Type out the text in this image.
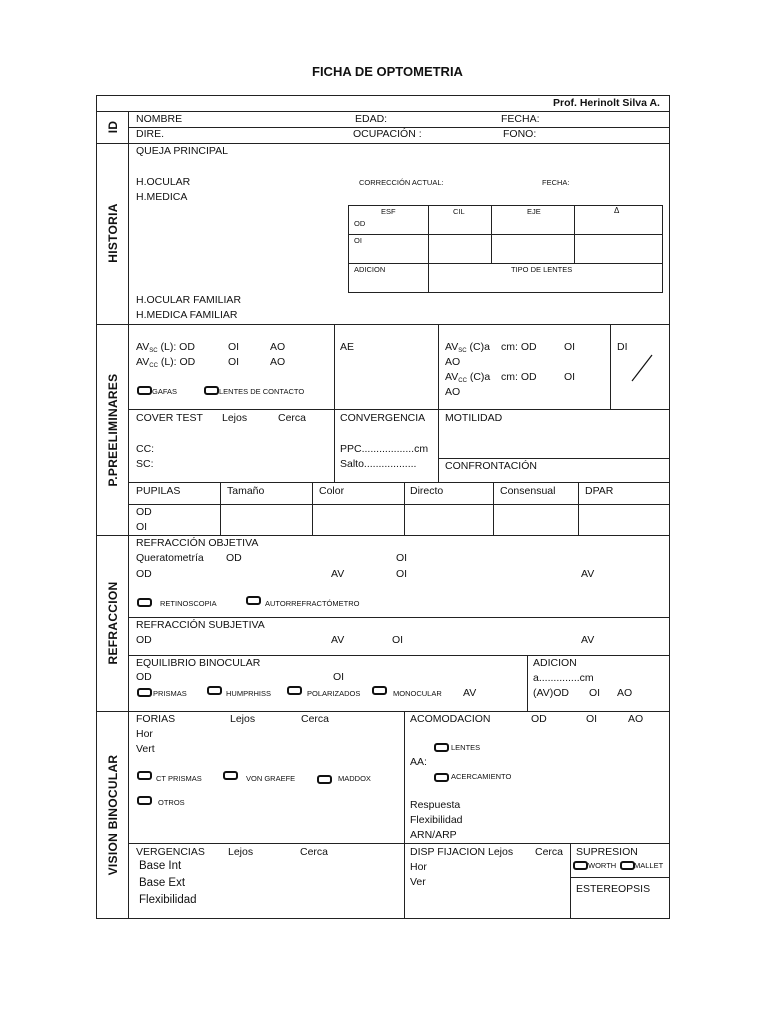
FICHA DE OPTOMETRIA
Prof. Herinolt Silva A.
ID
HISTORIA
P.PREELIMINARES
REFRACCION
VISION BINOCULAR
NOMBRE	EDAD:	FECHA:
DIRE.	OCUPACIÓN :	FONO:
QUEJA PRINCIPAL
H.OCULAR
H.MEDICA
CORRECCIÓN ACTUAL:	FECHA:
ESF	CIL	EJE	Δ
OD
OI
ADICION	TIPO DE LENTES
H.OCULAR FAMILIAR
H.MEDICA FAMILIAR
$AV_{SC}$ (L): OD	OI	AO
$AV_{CC}$ (L): OD	OI	AO
GAFAS	LENTES DE CONTACTO
AE	$AV_{SC}$ (C)a cm: OD	OI
AO
$AV_{CC}$ (C)a cm: OD	OI
AO
DI
COVER TEST Lejos	Cerca
CC:
SC:
CONVERGENCIA
PPC..................cm
Salto..................
MOTILIDAD
CONFRONTACIÓN
PUPILAS	Tamaño	Color	Directo	Consensual	DPAR
OD
OI
REFRACCIÓN OBJETIVA
Queratometría OD	OI
OD	AV	OI	AV
RETINOSCOPIA	AUTORREFRACTÓMETRO
REFRACCIÓN SUBJETIVA
OD	AV	OI	AV
EQUILIBRIO BINOCULAR
OD	OI
PRISMAS	HUMPRHISS	POLARIZADOS	MONOCULAR AV
ADICION
a..............cm
(AV)OD OI AO
FORIAS	Lejos	Cerca
Hor
Vert
CT PRISMAS	VON GRAEFE	MADDOX
OTROS
ACOMODACION	OD	OI	AO
LENTES
AA:
ACERCAMIENTO
Respuesta
Flexibilidad
ARN/ARP
VERGENCIAS Lejos	Cerca
Base Int
Base Ext
Flexibilidad
DISP FIJACION Lejos Cerca
Hor
Ver
SUPRESION
WORTH MALLET
ESTEREOPSIS
